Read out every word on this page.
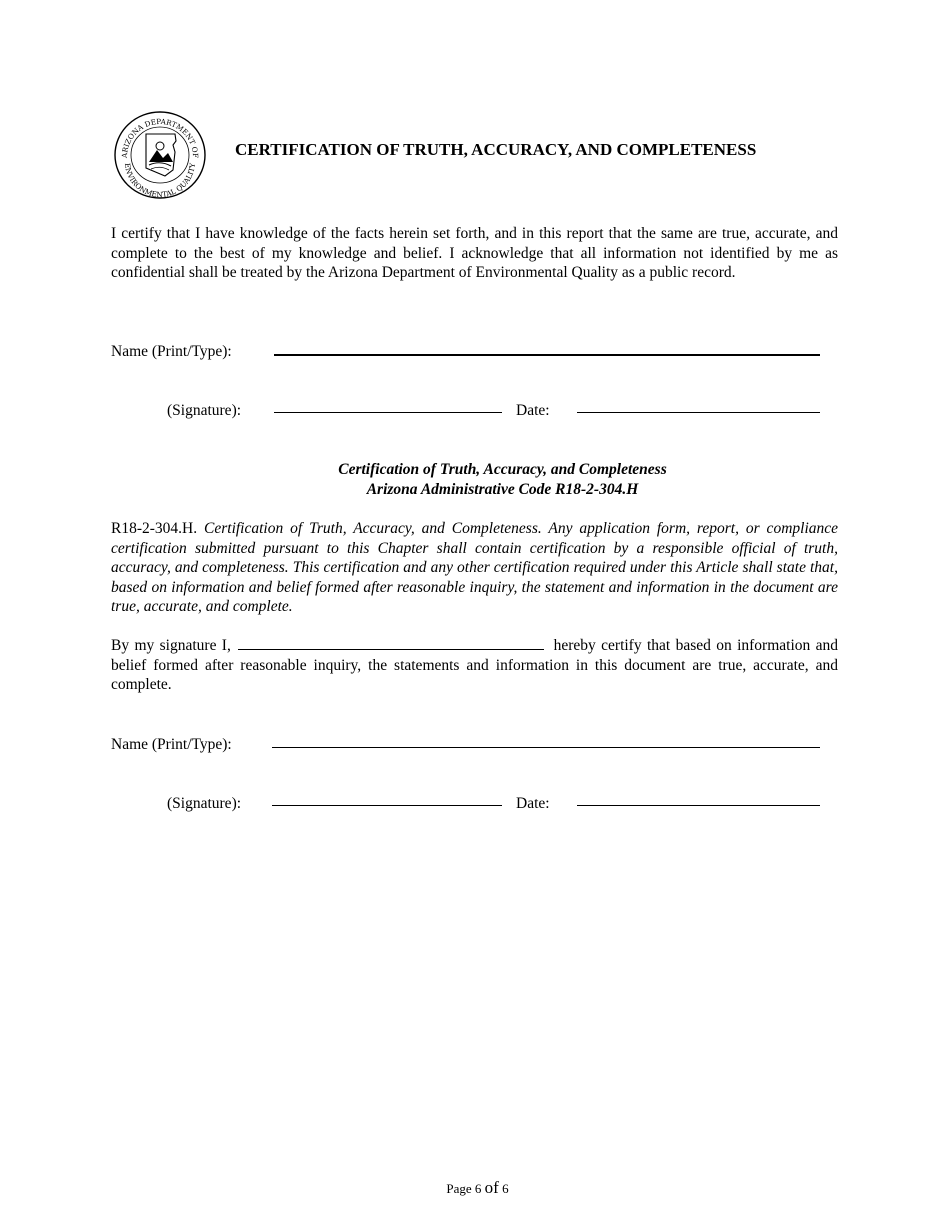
ARIZONA DEPARTMENT OF
ENVIRONMENTAL QUALITY
CERTIFICATION OF TRUTH, ACCURACY, AND COMPLETENESS
I certify that I have knowledge of the facts herein set forth, and in this report that the same are true, accurate, and complete to the best of my knowledge and belief. I acknowledge that all information not identified by me as confidential shall be treated by the Arizona Department of Environmental Quality as a public record.
Name (Print/Type):
(Signature):	Date:
Certification of Truth, Accuracy, and Completeness
Arizona Administrative Code R18-2-304.H
R18-2-304.H. Certification of Truth, Accuracy, and Completeness. Any application form, report, or compliance certification submitted pursuant to this Chapter shall contain certification by a responsible official of truth, accuracy, and completeness. This certification and any other certification required under this Article shall state that, based on information and belief formed after reasonable inquiry, the statement and information in the document are true, accurate, and complete.
By my signature I,	hereby certify that based on information and belief formed after reasonable inquiry, the statements and information in this document are true, accurate, and complete.
Name (Print/Type):
(Signature):	Date:
Page 6 of 6
